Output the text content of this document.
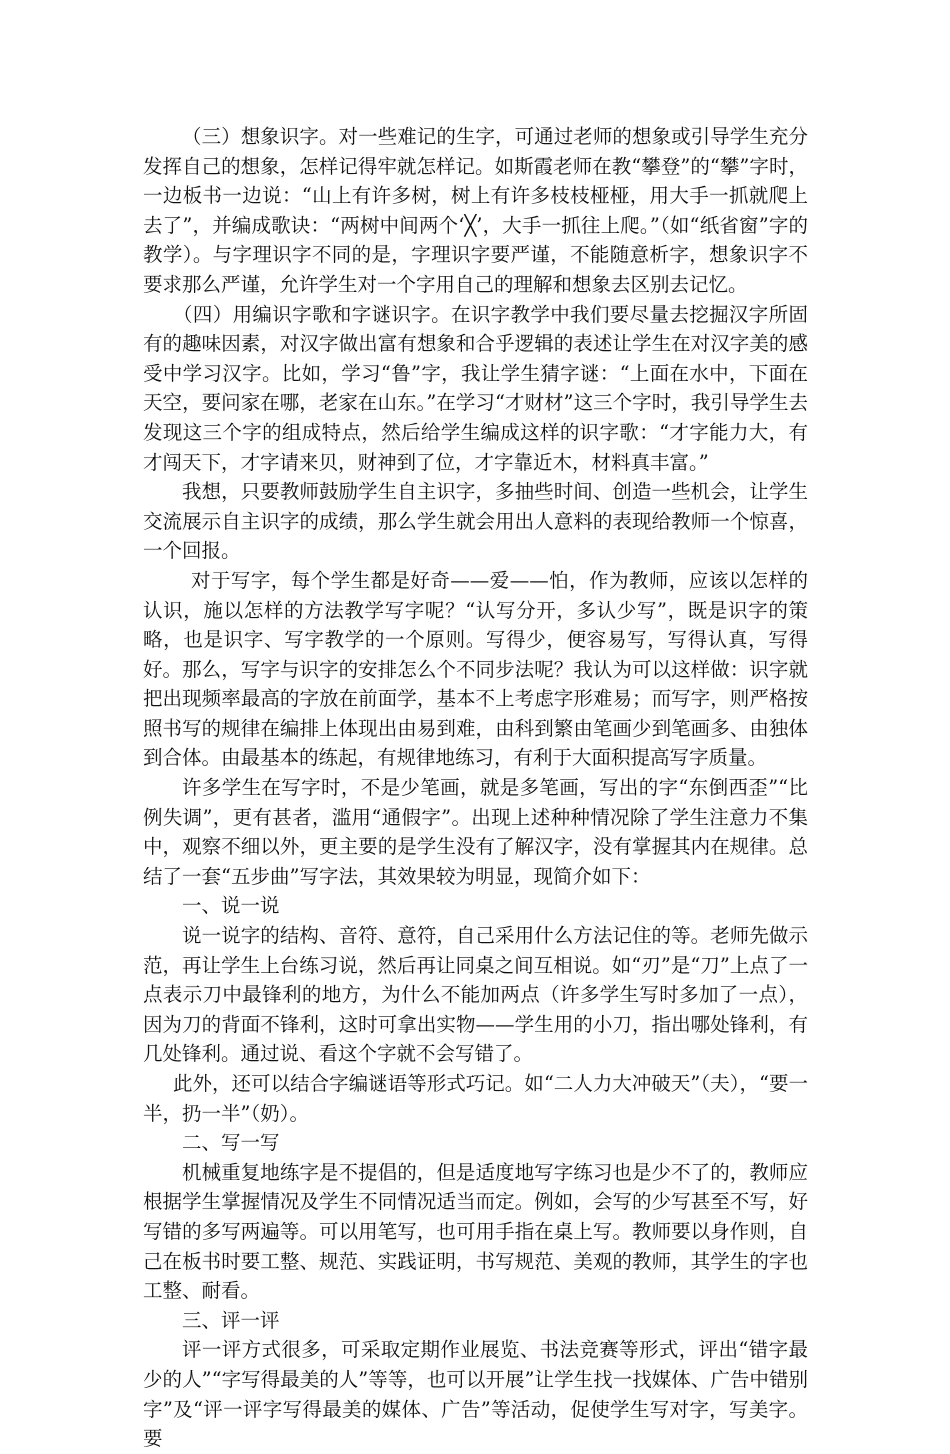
（三）想象识字。对一些难记的生字，可通过老师的想象或引导学生充分发挥自己的想象，怎样记得牢就怎样记。如斯霞老师在教“攀登”的“攀”字时，一边板书一边说：“山上有许多树，树上有许多枝枝桠桠，用大手一抓就爬上去了”，并编成歌诀：“两树中间两个‘╳’，大手一抓往上爬。”（如“纸省窗”字的教学）。与字理识字不同的是，字理识字要严谨，不能随意析字，想象识字不要求那么严谨，允许学生对一个字用自己的理解和想象去区别去记忆。

（四）用编识字歌和字谜识字。在识字教学中我们要尽量去挖掘汉字所固有的趣味因素，对汉字做出富有想象和合乎逻辑的表述让学生在对汉字美的感受中学习汉字。比如，学习“鲁”字，我让学生猜字谜：“上面在水中，下面在天空，要问家在哪，老家在山东。”在学习“才财材”这三个字时，我引导学生去发现这三个字的组成特点，然后给学生编成这样的识字歌：“才字能力大，有才闯天下，才字请来贝，财神到了位，才字靠近木，材料真丰富。”

我想，只要教师鼓励学生自主识字，多抽些时间、创造一些机会，让学生交流展示自主识字的成绩，那么学生就会用出人意料的表现给教师一个惊喜，一个回报。

对于写字，每个学生都是好奇——爱——怕，作为教师，应该以怎样的认识，施以怎样的方法教学写字呢？“认写分开，多认少写”，既是识字的策略，也是识字、写字教学的一个原则。写得少，便容易写，写得认真，写得好。那么，写字与识字的安排怎么个不同步法呢？我认为可以这样做：识字就把出现频率最高的字放在前面学，基本不上考虑字形难易；而写字，则严格按照书写的规律在编排上体现出由易到难，由科到繁由笔画少到笔画多、由独体到合体。由最基本的练起，有规律地练习，有利于大面积提高写字质量。

许多学生在写字时，不是少笔画，就是多笔画，写出的字“东倒西歪”“比例失调”，更有甚者，滥用“通假字”。出现上述种种情况除了学生注意力不集中，观察不细以外，更主要的是学生没有了解汉字，没有掌握其内在规律。总结了一套“五步曲”写字法，其效果较为明显，现简介如下：

一、说一说

说一说字的结构、音符、意符，自己采用什么方法记住的等。老师先做示范，再让学生上台练习说，然后再让同桌之间互相说。如“刃”是“刀”上点了一点表示刀中最锋利的地方，为什么不能加两点（许多学生写时多加了一点），因为刀的背面不锋利，这时可拿出实物——学生用的小刀，指出哪处锋利，有几处锋利。通过说、看这个字就不会写错了。

此外，还可以结合字编谜语等形式巧记。如“二人力大冲破天”（夫），“要一半，扔一半”（奶）。

二、写一写

机械重复地练字是不提倡的，但是适度地写字练习也是少不了的，教师应根据学生掌握情况及学生不同情况适当而定。例如，会写的少写甚至不写，好写错的多写两遍等。可以用笔写，也可用手指在桌上写。教师要以身作则，自己在板书时要工整、规范、实践证明，书写规范、美观的教师，其学生的字也工整、耐看。

三、评一评

评一评方式很多，可采取定期作业展览、书法竞赛等形式，评出“错字最少的人”“字写得最美的人”等等，也可以开展”让学生找一找媒体、广告中错别字”及“评一评字写得最美的媒体、广告”等活动，促使学生写对字，写美字。要
